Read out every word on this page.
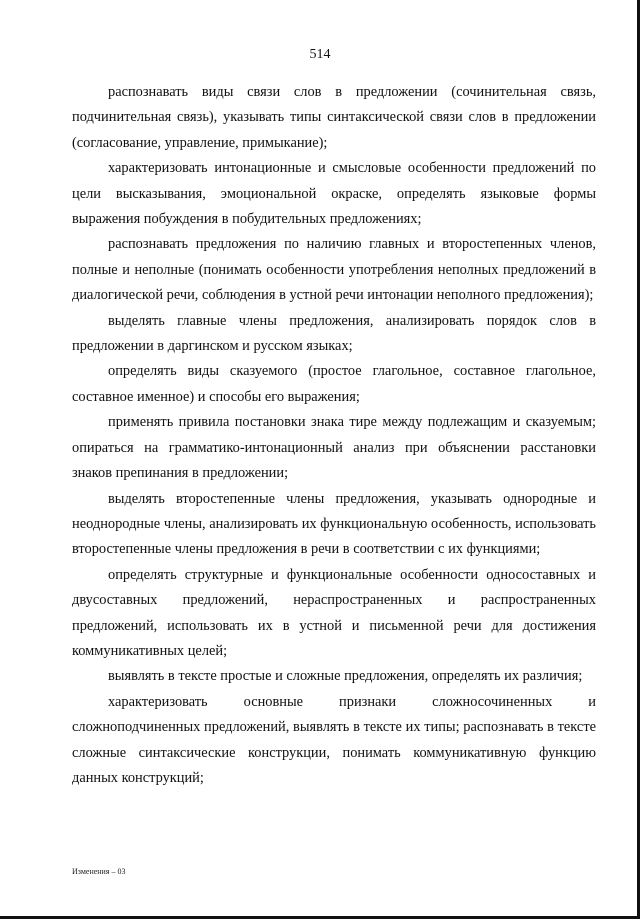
514

распознавать виды связи слов в предложении (сочинительная связь, подчинительная связь), указывать типы синтаксической связи слов в предложении (согласование, управление, примыкание);

характеризовать интонационные и смысловые особенности предложений по цели высказывания, эмоциональной окраске, определять языковые формы выражения побуждения в побудительных предложениях;

распознавать предложения по наличию главных и второстепенных членов, полные и неполные (понимать особенности употребления неполных предложений в диалогической речи, соблюдения в устной речи интонации неполного предложения);

выделять главные члены предложения, анализировать порядок слов в предложении в даргинском и русском языках;

определять виды сказуемого (простое глагольное, составное глагольное, составное именное) и способы его выражения;

применять привила постановки знака тире между подлежащим и сказуемым; опираться на грамматико-интонационный анализ при объяснении расстановки знаков препинания в предложении;

выделять второстепенные члены предложения, указывать однородные и неоднородные члены, анализировать их функциональную особенность, использовать второстепенные члены предложения в речи в соответствии с их функциями;

определять структурные и функциональные особенности односоставных и двусоставных предложений, нераспространенных и распространенных предложений, использовать их в устной и письменной речи для достижения коммуникативных целей;

выявлять в тексте простые и сложные предложения, определять их различия;

характеризовать основные признаки сложносочиненных и сложноподчиненных предложений, выявлять в тексте их типы; распознавать в тексте сложные синтаксические конструкции, понимать коммуникативную функцию данных конструкций;

Изменения – 03
